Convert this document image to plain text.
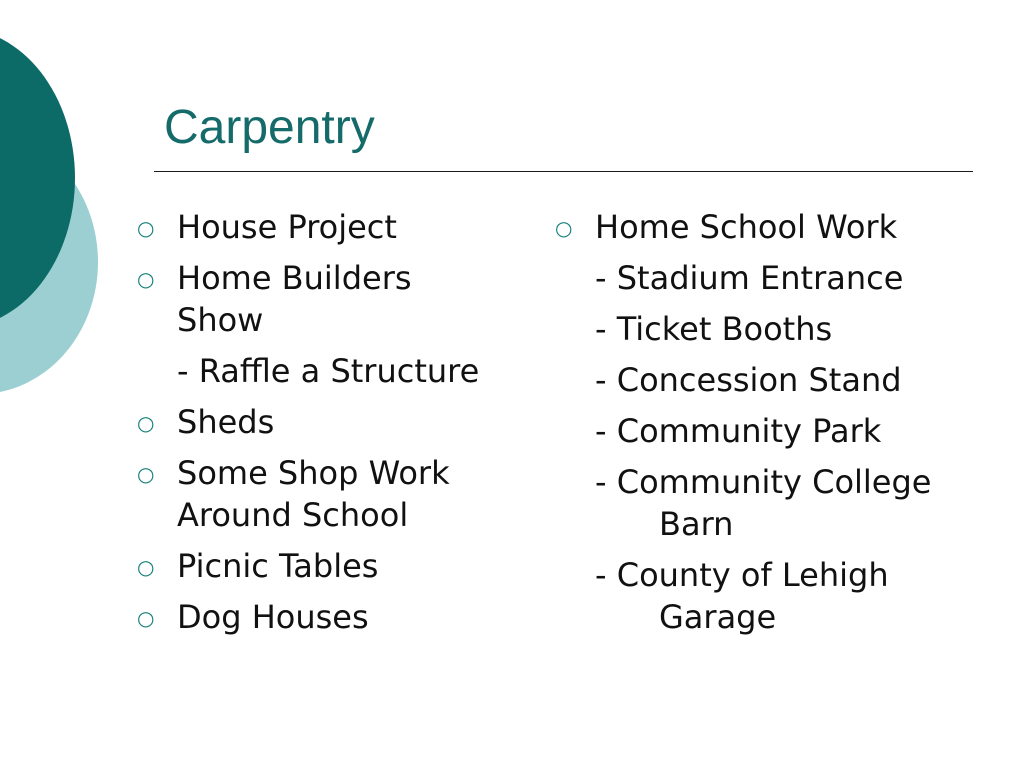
Carpentry
○ House Project
○ Home Builders Show
- Raffle a Structure
○ Sheds
○ Some Shop Work Around School
○ Picnic Tables
○ Dog Houses
○ Home School Work
- Stadium Entrance
- Ticket Booths
- Concession Stand
- Community Park
- Community College Barn
- County of Lehigh Garage
